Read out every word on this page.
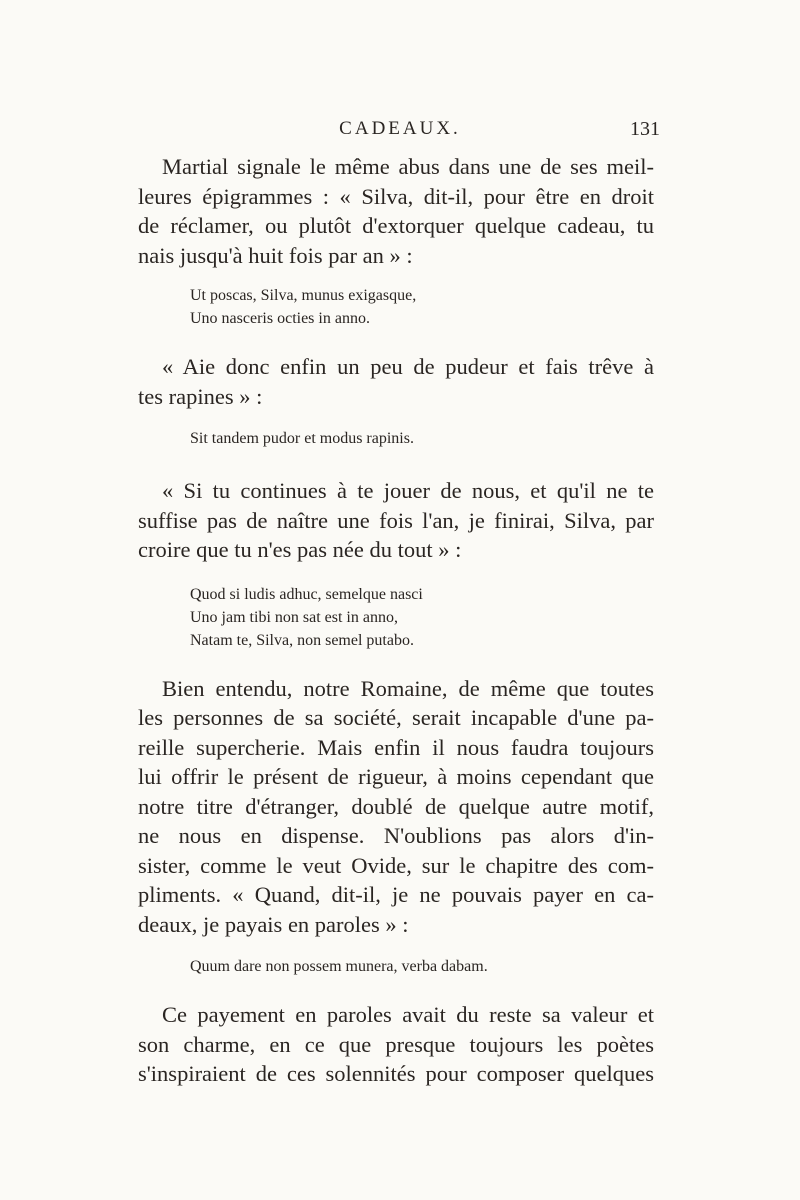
CADEAUX.	131

Martial signale le même abus dans une de ses meil-
leures épigrammes : « Silva, dit-il, pour être en droit
de réclamer, ou plutôt d'extorquer quelque cadeau, tu
nais jusqu'à huit fois par an » :

Ut poscas, Silva, munus exigasque,
Uno nasceris octies in anno.

« Aie donc enfin un peu de pudeur et fais trêve à
tes rapines » :

Sit tandem pudor et modus rapinis.

« Si tu continues à te jouer de nous, et qu'il ne te
suffise pas de naître une fois l'an, je finirai, Silva, par
croire que tu n'es pas née du tout » :

Quod si ludis adhuc, semelque nasci
Uno jam tibi non sat est in anno,
Natam te, Silva, non semel putabo.

Bien entendu, notre Romaine, de même que toutes
les personnes de sa société, serait incapable d'une pa-
reille supercherie. Mais enfin il nous faudra toujours
lui offrir le présent de rigueur, à moins cependant que
notre titre d'étranger, doublé de quelque autre motif,
ne nous en dispense. N'oublions pas alors d'in-
sister, comme le veut Ovide, sur le chapitre des com-
pliments. « Quand, dit-il, je ne pouvais payer en ca-
deaux, je payais en paroles » :

Quum dare non possem munera, verba dabam.

Ce payement en paroles avait du reste sa valeur et
son charme, en ce que presque toujours les poètes
s'inspiraient de ces solennités pour composer quelques
